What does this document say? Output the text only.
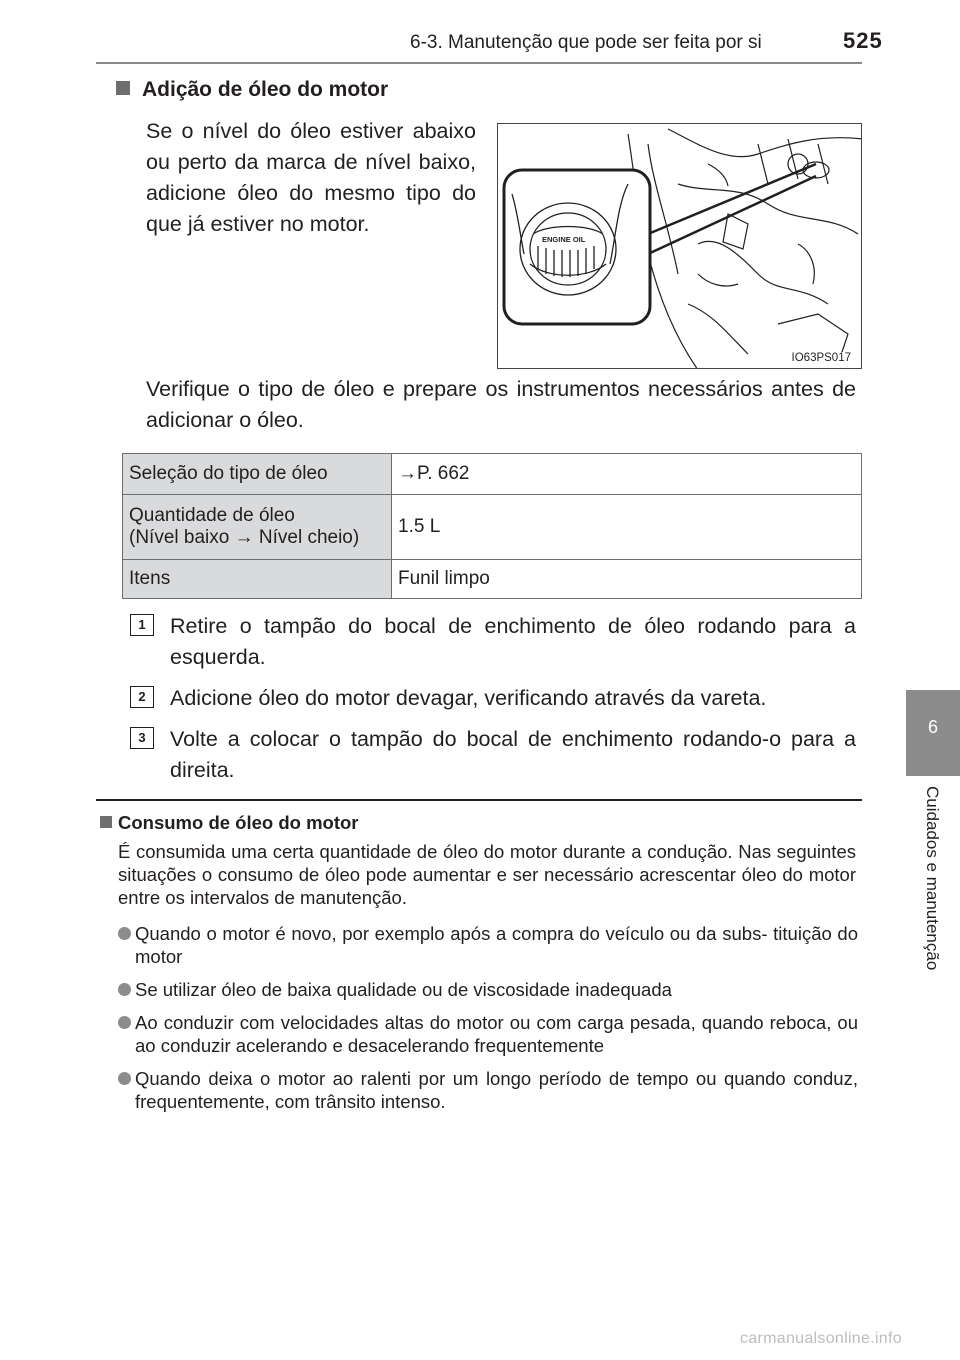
6-3. Manutenção que pode ser feita por si	525
6
Cuidados e manutenção
Adição de óleo do motor
Se o nível do óleo estiver abaixo ou perto da marca de nível baixo, adicione óleo do mesmo tipo do que já estiver no motor.
ENGINE OIL
IO63PS017
Verifique o tipo de óleo e prepare os instrumentos necessários antes de adicionar o óleo.
Seleção do tipo de óleo	→P. 662

Quantidade de óleo
(Nível baixo → Nível cheio)	1.5 L
Itens	Funil limpo
1	Retire o tampão do bocal de enchimento de óleo rodando para a esquerda.
2	Adicione óleo do motor devagar, verificando através da vareta.
3	Volte a colocar o tampão do bocal de enchimento rodando-o para a direita.
Consumo de óleo do motor
É consumida uma certa quantidade de óleo do motor durante a condução. Nas seguintes situações o consumo de óleo pode aumentar e ser necessário acrescentar óleo do motor entre os intervalos de manutenção.
Quando o motor é novo, por exemplo após a compra do veículo ou da subs- tituição do motor
Se utilizar óleo de baixa qualidade ou de viscosidade inadequada
Ao conduzir com velocidades altas do motor ou com carga pesada, quando reboca, ou ao conduzir acelerando e desacelerando frequentemente
Quando deixa o motor ao ralenti por um longo período de tempo ou quando conduz, frequentemente, com trânsito intenso.
carmanualsonline.info
